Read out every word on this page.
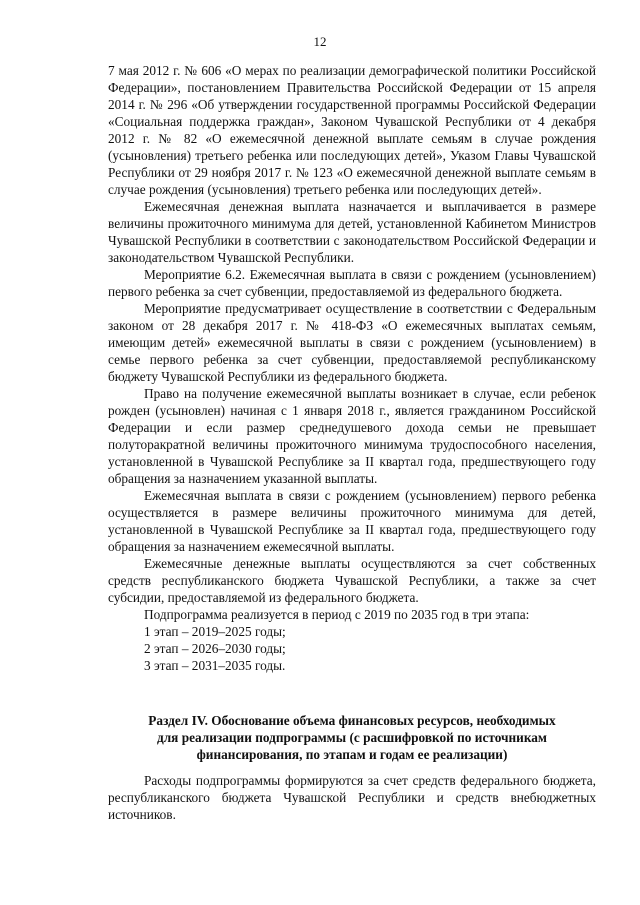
12

7 мая 2012 г. № 606 «О мерах по реализации демографической политики Российской Федерации», постановлением Правительства Российской Федерации от 15 апреля 2014 г. № 296 «Об утверждении государственной программы Российской Федерации «Социальная поддержка граждан», Законом Чувашской Республики от 4 декабря 2012 г. № 82 «О ежемесячной денежной выплате семьям в случае рождения (усыновления) третьего ребенка или последующих детей», Указом Главы Чувашской Республики от 29 ноября 2017 г. № 123 «О ежемесячной денежной выплате семьям в случае рождения (усыновления) третьего ребенка или последующих детей».

Ежемесячная денежная выплата назначается и выплачивается в размере величины прожиточного минимума для детей, установленной Кабинетом Министров Чувашской Республики в соответствии с законодательством Российской Федерации и законодательством Чувашской Республики.

Мероприятие 6.2. Ежемесячная выплата в связи с рождением (усыновлением) первого ребенка за счет субвенции, предоставляемой из федерального бюджета.

Мероприятие предусматривает осуществление в соответствии с Федеральным законом от 28 декабря 2017 г. № 418-ФЗ «О ежемесячных выплатах семьям, имеющим детей» ежемесячной выплаты в связи с рождением (усыновлением) в семье первого ребенка за счет субвенции, предоставляемой республиканскому бюджету Чувашской Республики из федерального бюджета.

Право на получение ежемесячной выплаты возникает в случае, если ребенок рожден (усыновлен) начиная с 1 января 2018 г., является гражданином Российской Федерации и если размер среднедушевого дохода семьи не превышает полуторакратной величины прожиточного минимума трудоспособного населения, установленной в Чувашской Республике за II квартал года, предшествующего году обращения за назначением указанной выплаты.

Ежемесячная выплата в связи с рождением (усыновлением) первого ребенка осуществляется в размере величины прожиточного минимума для детей, установленной в Чувашской Республике за II квартал года, предшествующего году обращения за назначением ежемесячной выплаты.

Ежемесячные денежные выплаты осуществляются за счет собственных средств республиканского бюджета Чувашской Республики, а также за счет субсидии, предоставляемой из федерального бюджета.

Подпрограмма реализуется в период с 2019 по 2035 год в три этапа:

1 этап – 2019–2025 годы;

2 этап – 2026–2030 годы;

3 этап – 2031–2035 годы.

Раздел IV. Обоснование объема финансовых ресурсов, необходимых
для реализации подпрограммы (с расшифровкой по источникам
финансирования, по этапам и годам ее реализации)

Расходы подпрограммы формируются за счет средств федерального бюджета, республиканского бюджета Чувашской Республики и средств внебюджетных источников.
